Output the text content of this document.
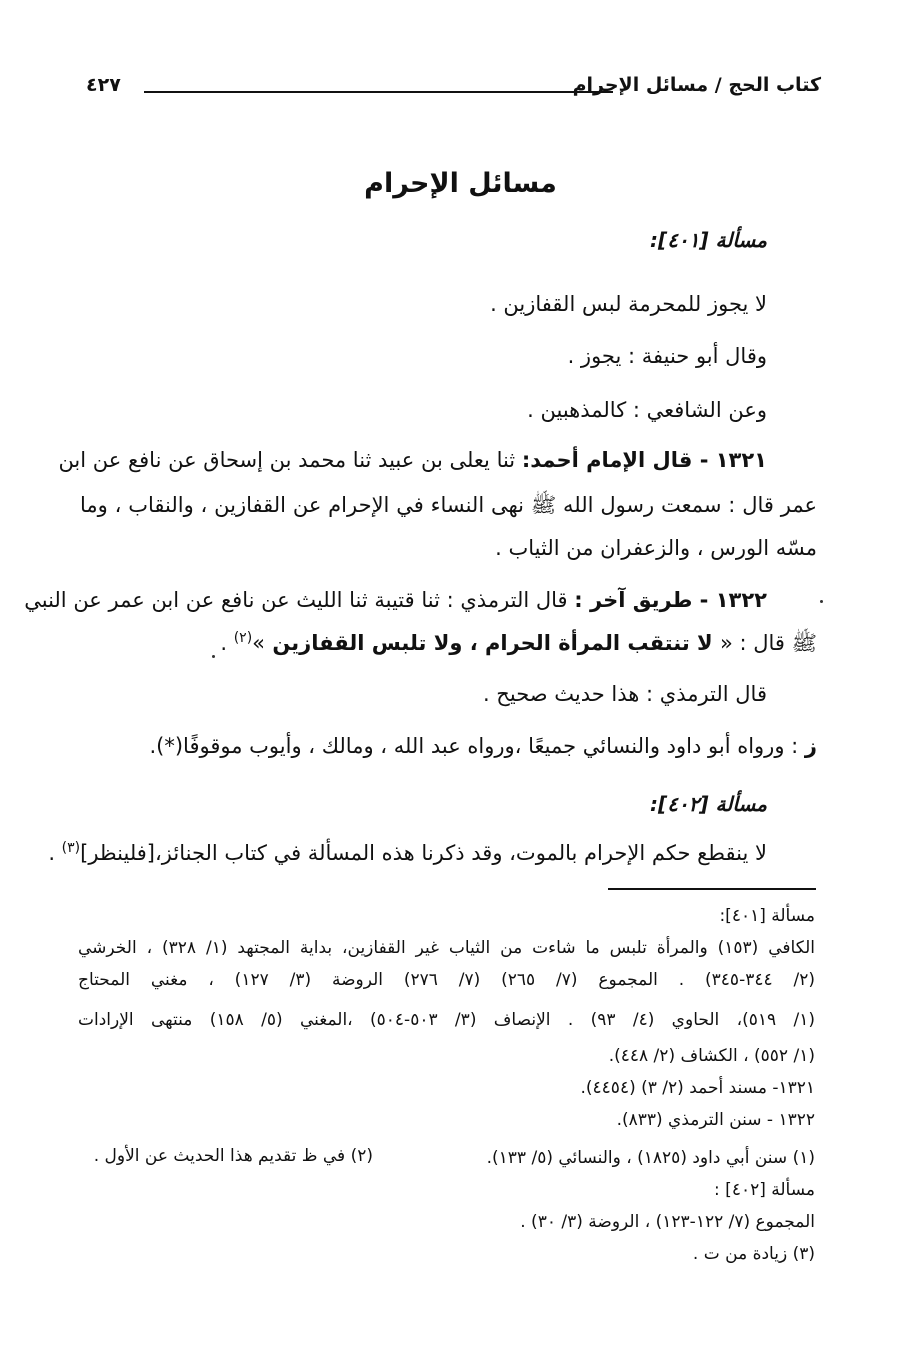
كتاب الحج / مسائل الإحرام
٤٢٧
مسائل الإحرام
مسألة [٤٠١]:
لا يجوز للمحرمة لبس القفازين .
وقال أبو حنيفة : يجوز .
وعن الشافعي : كالمذهبين .
١٣٢١ - قال الإمام أحمد: ثنا يعلى بن عبيد ثنا محمد بن إسحاق عن نافع عن ابن
عمر قال : سمعت رسول الله ﷺ نهى النساء في الإحرام عن القفازين ، والنقاب ، وما
مسّه الورس ، والزعفران من الثياب .
١٣٢٢ - طريق آخر : قال الترمذي : ثنا قتيبة ثنا الليث عن نافع عن ابن عمر عن النبي
ﷺ قال : « لا تنتقب المرأة الحرام ، ولا تلبس القفازين »$^{(٢)}$ .
قال الترمذي : هذا حديث صحيح .
ز : ورواه أبو داود والنسائي جميعًا ،ورواه عبد الله ، ومالك ، وأيوب موقوفًا(*).
مسألة [٤٠٢]:
لا ينقطع حكم الإحرام بالموت، وقد ذكرنا هذه المسألة في كتاب الجنائز،[فلينظر]$^{(٣)}$ .
مسألة [٤٠١]:
الكافي (١٥٣) والمرأة تلبس ما شاءت من الثياب غير القفازين، بداية المجتهد (١/ ٣٢٨) ، الخرشي
(٢/ ٣٤٤-٣٤٥) . المجموع (٧/ ٢٦٥) (٧/ ٢٧٦) الروضة (٣/ ١٢٧) ، مغني المحتاج
(١/ ٥١٩)، الحاوي (٤/ ٩٣) . الإنصاف (٣/ ٥٠٣-٥٠٤) ،المغني (٥/ ١٥٨) منتهى الإرادات
(١/ ٥٥٢) ، الكشاف (٢/ ٤٤٨).
١٣٢١- مسند أحمد (٢/ ٣) (٤٤٥٤).
١٣٢٢ - سنن الترمذي (٨٣٣).
(١) سنن أبي داود (١٨٢٥) ، والنسائي (٥/ ١٣٣).
(٢) في ظ تقديم هذا الحديث عن الأول .
مسألة [٤٠٢] :
المجموع (٧/ ١٢٢-١٢٣) ، الروضة (٣/ ٣٠) .
(٣) زيادة من ت .
